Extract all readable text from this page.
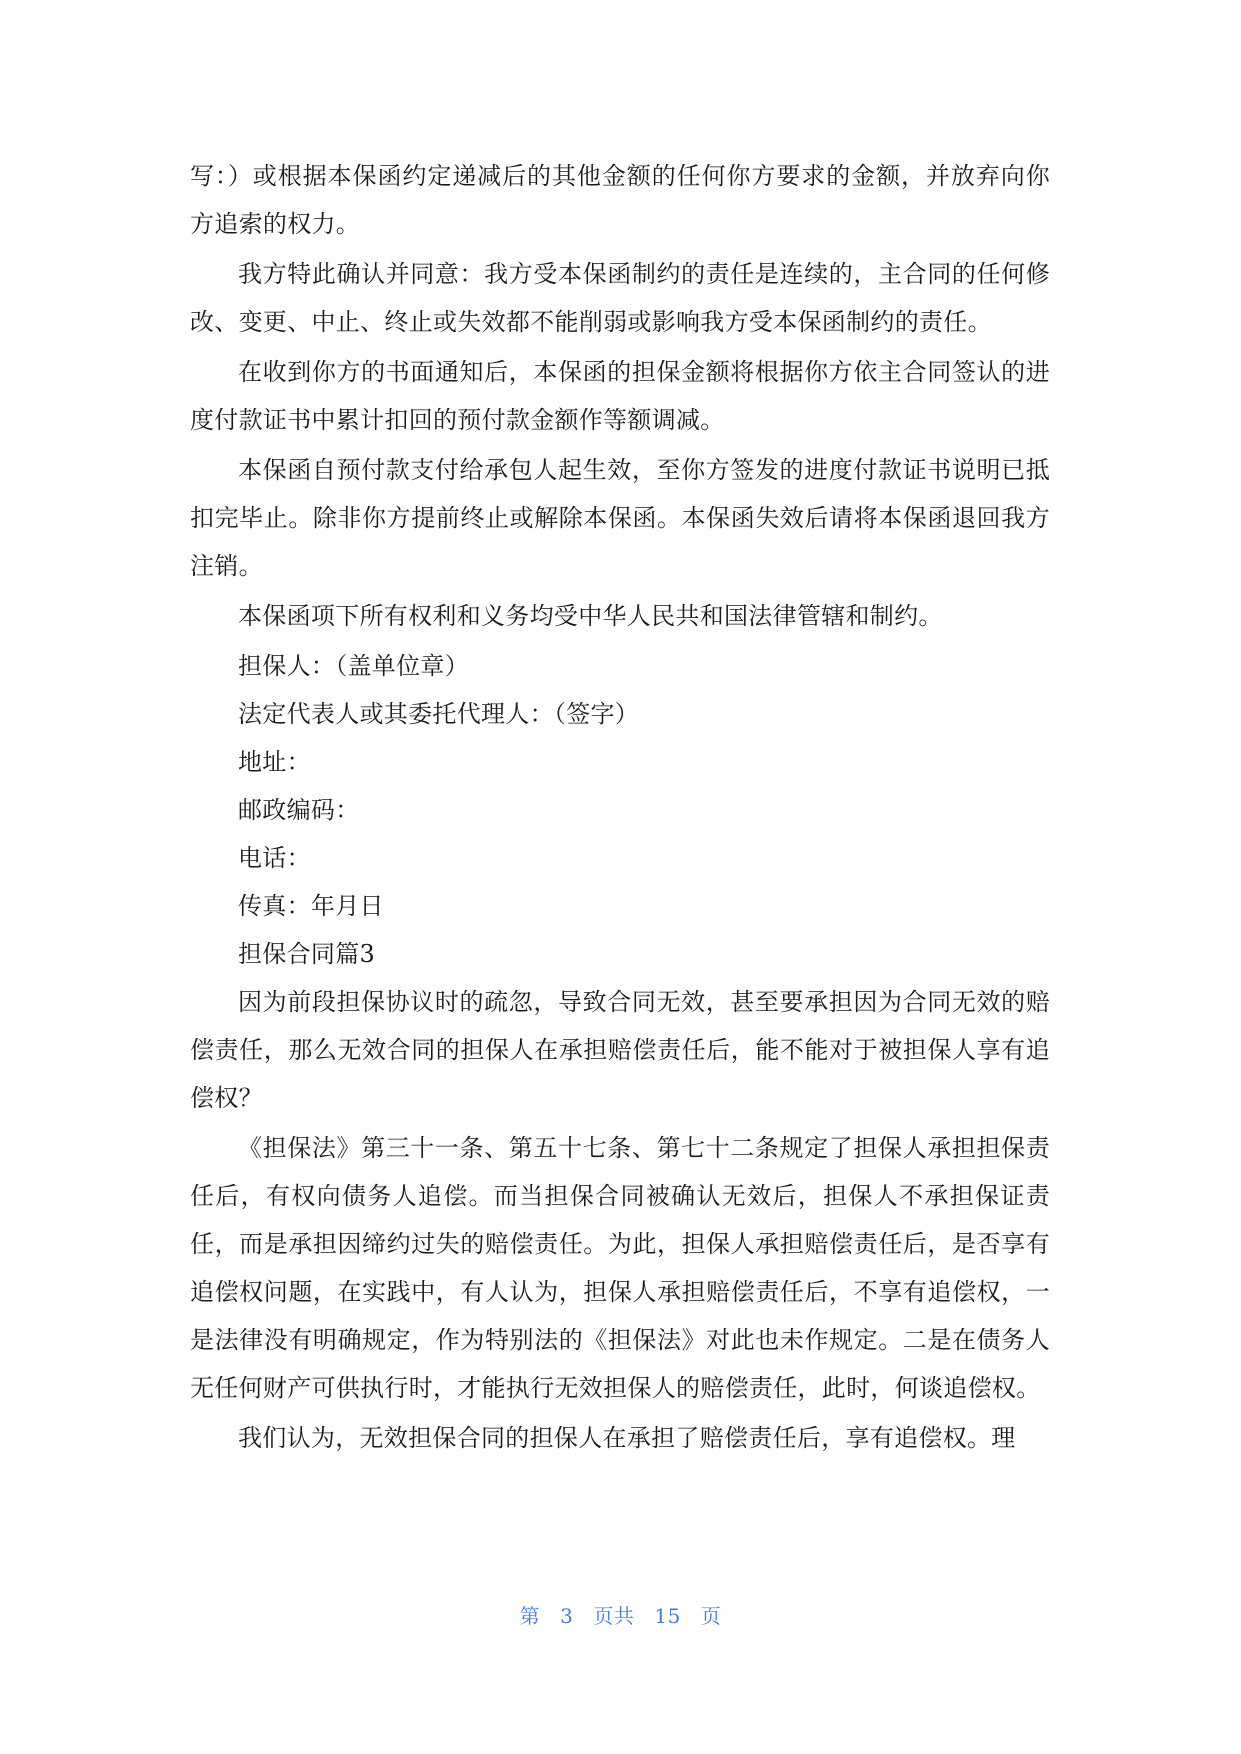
写：）或根据本保函约定递减后的其他金额的任何你方要求的金额，并放弃向你方追索的权力。

我方特此确认并同意：我方受本保函制约的责任是连续的，主合同的任何修改、变更、中止、终止或失效都不能削弱或影响我方受本保函制约的责任。

在收到你方的书面通知后，本保函的担保金额将根据你方依主合同签认的进度付款证书中累计扣回的预付款金额作等额调减。

本保函自预付款支付给承包人起生效，至你方签发的进度付款证书说明已抵扣完毕止。除非你方提前终止或解除本保函。本保函失效后请将本保函退回我方注销。

本保函项下所有权利和义务均受中华人民共和国法律管辖和制约。

担保人：（盖单位章）
法定代表人或其委托代理人：（签字）
地址：
邮政编码：
电话：
传真：年月日
担保合同篇3

因为前段担保协议时的疏忽，导致合同无效，甚至要承担因为合同无效的赔偿责任，那么无效合同的担保人在承担赔偿责任后，能不能对于被担保人享有追偿权？

《担保法》第三十一条、第五十七条、第七十二条规定了担保人承担担保责任后，有权向债务人追偿。而当担保合同被确认无效后，担保人不承担保证责任，而是承担因缔约过失的赔偿责任。为此，担保人承担赔偿责任后，是否享有追偿权问题，在实践中，有人认为，担保人承担赔偿责任后，不享有追偿权，一是法律没有明确规定，作为特别法的《担保法》对此也未作规定。二是在债务人无任何财产可供执行时，才能执行无效担保人的赔偿责任，此时，何谈追偿权。

我们认为，无效担保合同的担保人在承担了赔偿责任后，享有追偿权。理

第 3 页共 15 页
